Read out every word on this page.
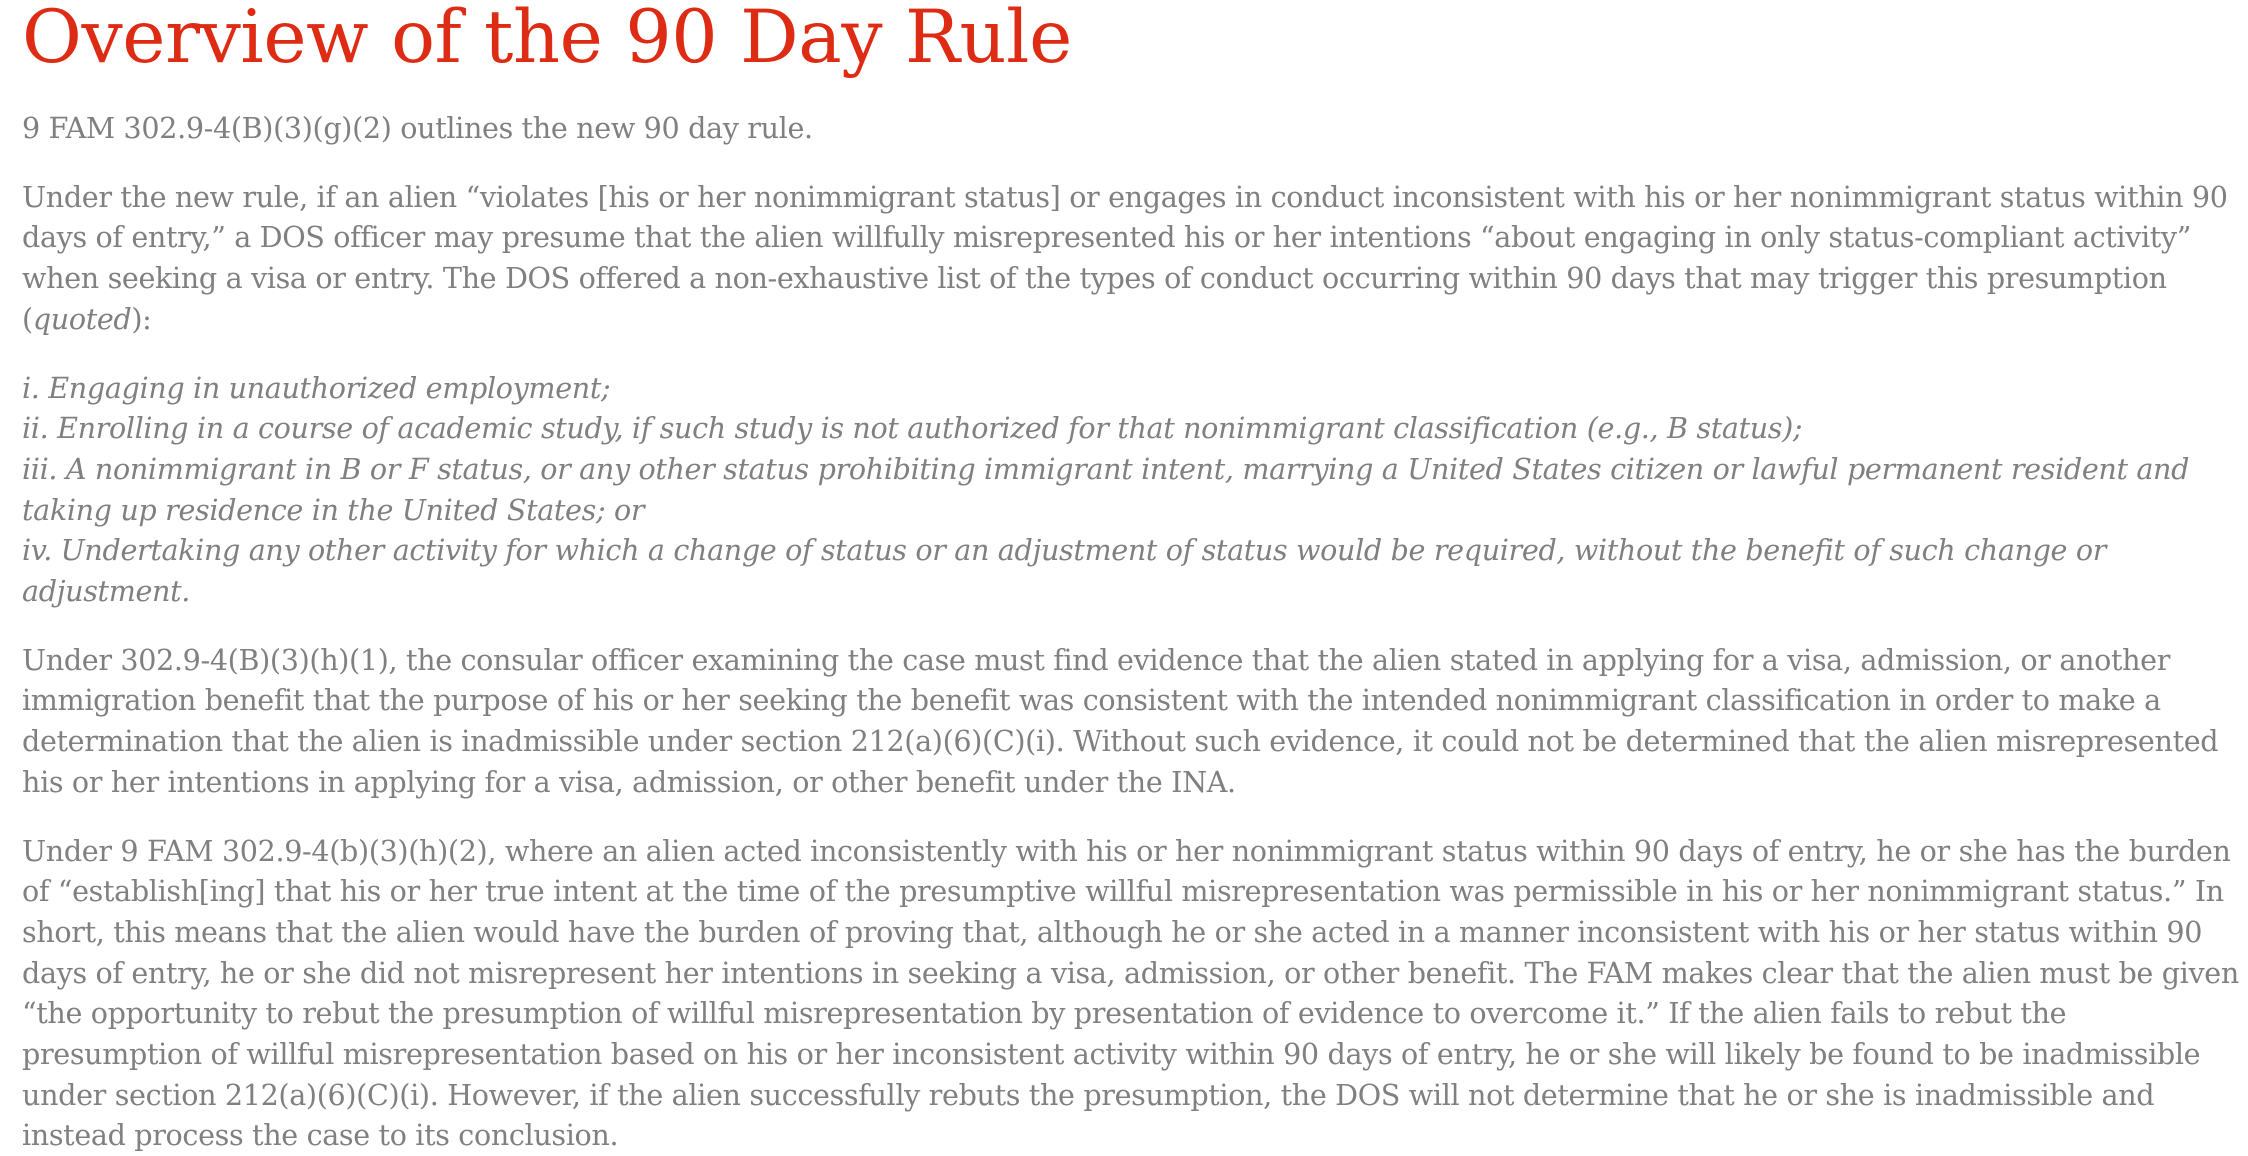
Overview of the 90 Day Rule

9 FAM 302.9-4(B)(3)(g)(2) outlines the new 90 day rule.

Under the new rule, if an alien “violates [his or her nonimmigrant status] or engages in conduct inconsistent with his or her nonimmigrant status within 90 days of entry,” a DOS officer may presume that the alien willfully misrepresented his or her intentions “about engaging in only status-compliant activity” when seeking a visa or entry. The DOS offered a non-exhaustive list of the types of conduct occurring within 90 days that may trigger this presumption (quoted):

i. Engaging in unauthorized employment;
ii. Enrolling in a course of academic study, if such study is not authorized for that nonimmigrant classification (e.g., B status);
iii. A nonimmigrant in B or F status, or any other status prohibiting immigrant intent, marrying a United States citizen or lawful permanent resident and taking up residence in the United States; or
iv. Undertaking any other activity for which a change of status or an adjustment of status would be required, without the benefit of such change or adjustment.

Under 302.9-4(B)(3)(h)(1), the consular officer examining the case must find evidence that the alien stated in applying for a visa, admission, or another immigration benefit that the purpose of his or her seeking the benefit was consistent with the intended nonimmigrant classification in order to make a determination that the alien is inadmissible under section 212(a)(6)(C)(i). Without such evidence, it could not be determined that the alien misrepresented his or her intentions in applying for a visa, admission, or other benefit under the INA.

Under 9 FAM 302.9-4(b)(3)(h)(2), where an alien acted inconsistently with his or her nonimmigrant status within 90 days of entry, he or she has the burden of “establish[ing] that his or her true intent at the time of the presumptive willful misrepresentation was permissible in his or her nonimmigrant status.” In short, this means that the alien would have the burden of proving that, although he or she acted in a manner inconsistent with his or her status within 90 days of entry, he or she did not misrepresent her intentions in seeking a visa, admission, or other benefit. The FAM makes clear that the alien must be given “the opportunity to rebut the presumption of willful misrepresentation by presentation of evidence to overcome it.” If the alien fails to rebut the presumption of willful misrepresentation based on his or her inconsistent activity within 90 days of entry, he or she will likely be found to be inadmissible under section 212(a)(6)(C)(i). However, if the alien successfully rebuts the presumption, the DOS will not determine that he or she is inadmissible and instead process the case to its conclusion.
